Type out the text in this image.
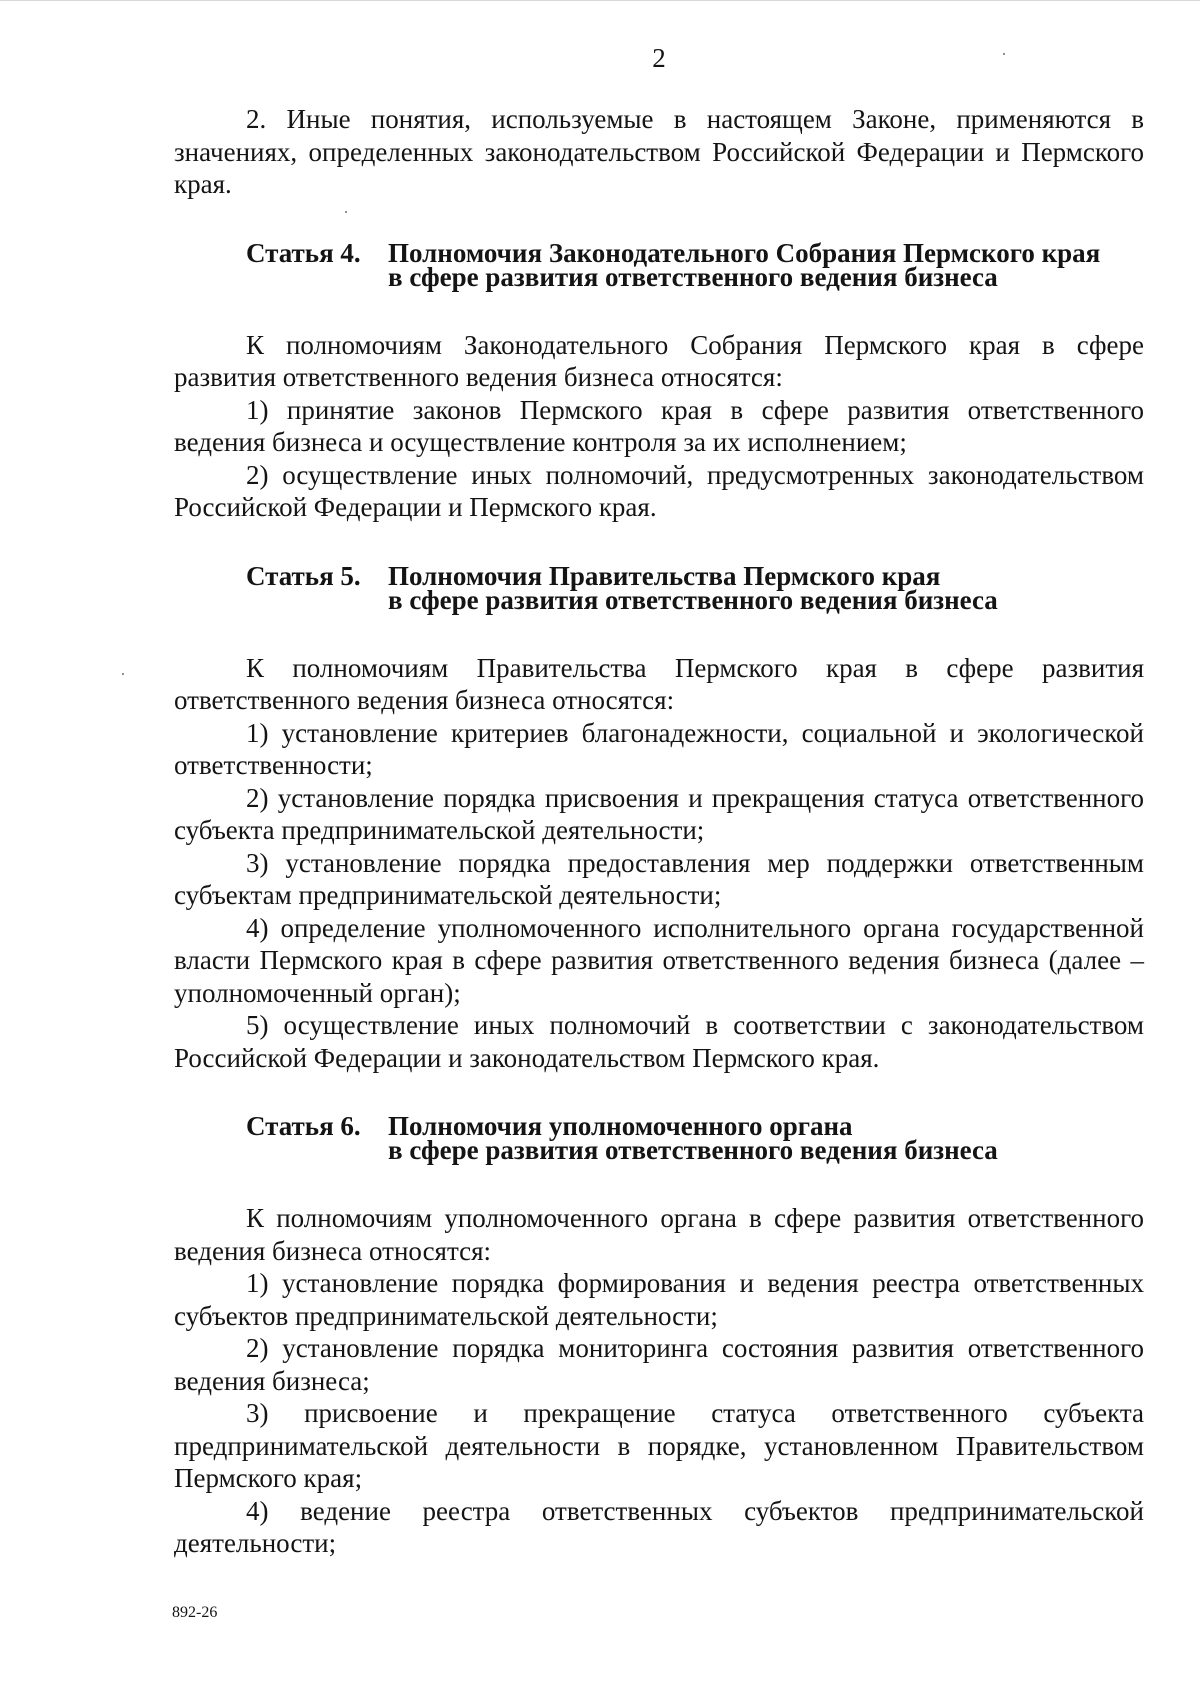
2

2. Иные понятия, используемые в настоящем Законе, применяются в значениях, определенных законодательством Российской Федерации и Пермского края.

Статья 4.	Полномочия Законодательного Собрания Пермского края
в сфере развития ответственного ведения бизнеса

К полномочиям Законодательного Собрания Пермского края в сфере развития ответственного ведения бизнеса относятся:

1) принятие законов Пермского края в сфере развития ответственного ведения бизнеса и осуществление контроля за их исполнением;

2) осуществление иных полномочий, предусмотренных законодательством Российской Федерации и Пермского края.

Статья 5.	Полномочия Правительства Пермского края
в сфере развития ответственного ведения бизнеса

К полномочиям Правительства Пермского края в сфере развития ответственного ведения бизнеса относятся:

1) установление критериев благонадежности, социальной и экологической ответственности;

2) установление порядка присвоения и прекращения статуса ответственного субъекта предпринимательской деятельности;

3) установление порядка предоставления мер поддержки ответственным субъектам предпринимательской деятельности;

4) определение уполномоченного исполнительного органа государственной власти Пермского края в сфере развития ответственного ведения бизнеса (далее – уполномоченный орган);

5) осуществление иных полномочий в соответствии с законодательством Российской Федерации и законодательством Пермского края.

Статья 6.	Полномочия уполномоченного органа
в сфере развития ответственного ведения бизнеса

К полномочиям уполномоченного органа в сфере развития ответственного ведения бизнеса относятся:

1) установление порядка формирования и ведения реестра ответственных субъектов предпринимательской деятельности;

2) установление порядка мониторинга состояния развития ответственного ведения бизнеса;

3) присвоение и прекращение статуса ответственного субъекта предпринимательской деятельности в порядке, установленном Правительством Пермского края;

4) ведение реестра ответственных субъектов предпринимательской деятельности;

892-26
